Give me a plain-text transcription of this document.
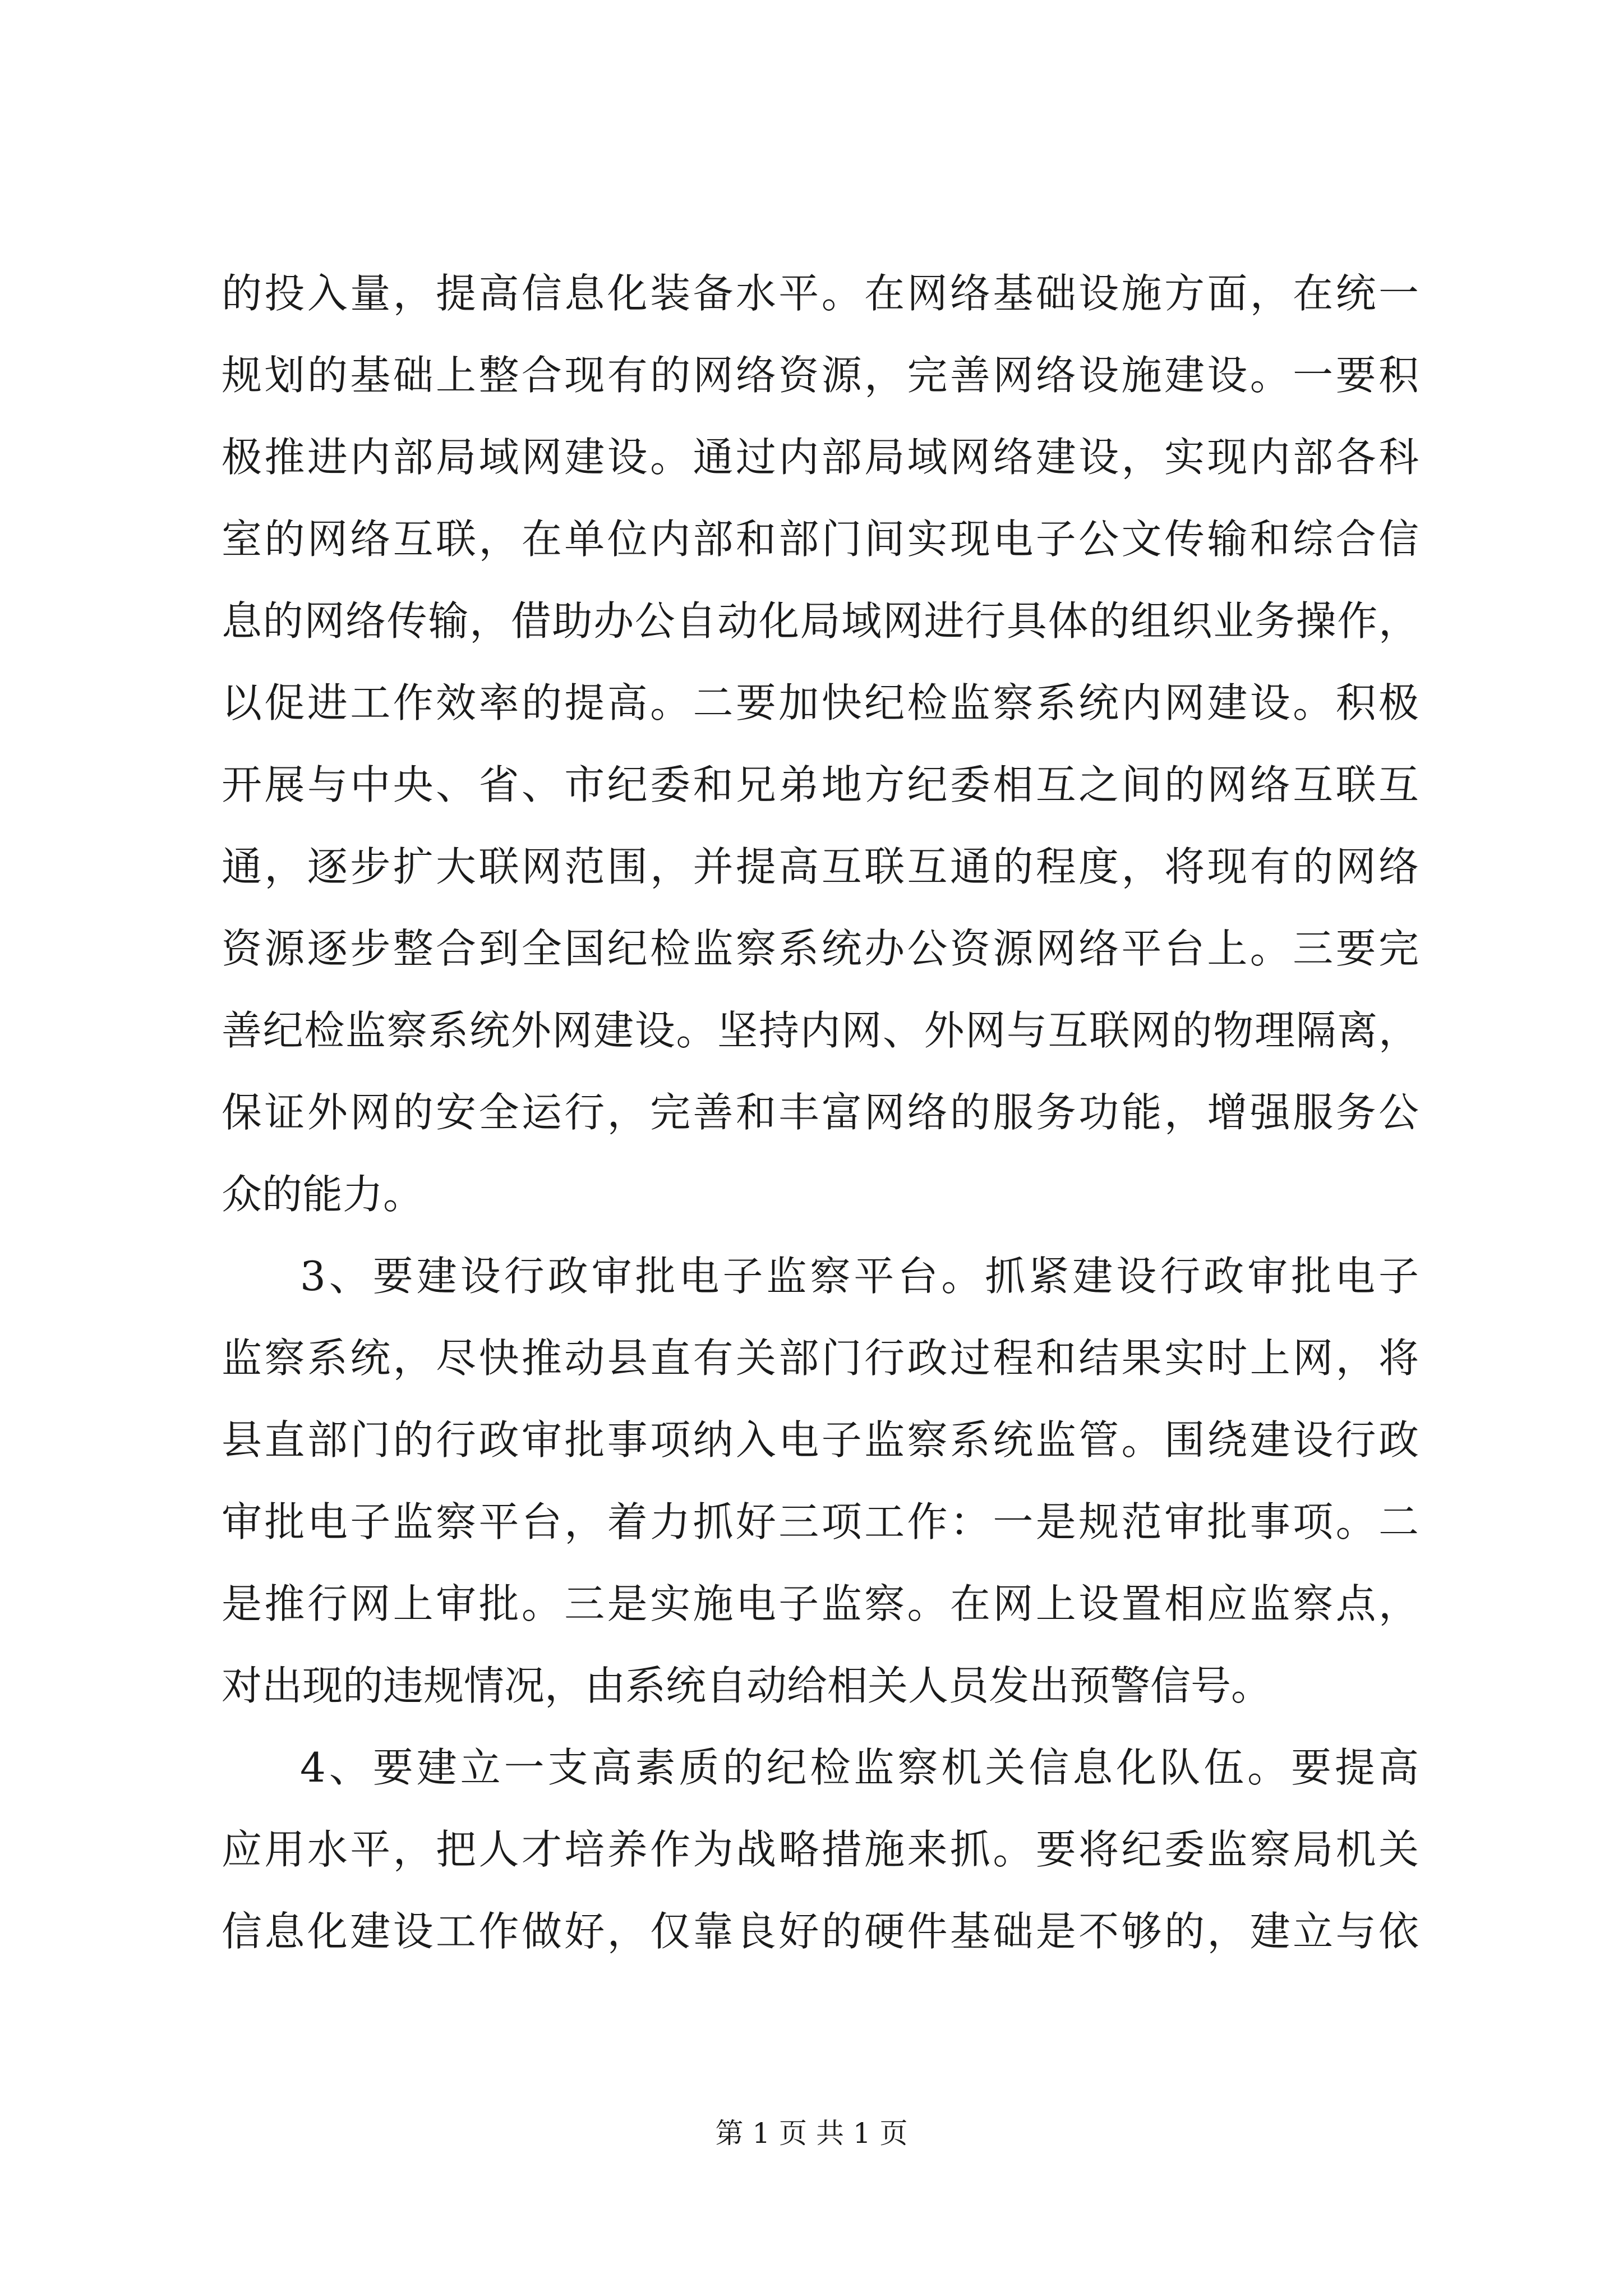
的投入量，提高信息化装备水平。在网络基础设施方面，在统一
规划的基础上整合现有的网络资源，完善网络设施建设。一要积
极推进内部局域网建设。通过内部局域网络建设，实现内部各科
室的网络互联，在单位内部和部门间实现电子公文传输和综合信
息的网络传输，借助办公自动化局域网进行具体的组织业务操作，
以促进工作效率的提高。二要加快纪检监察系统内网建设。积极
开展与中央、省、市纪委和兄弟地方纪委相互之间的网络互联互
通，逐步扩大联网范围，并提高互联互通的程度，将现有的网络
资源逐步整合到全国纪检监察系统办公资源网络平台上。三要完
善纪检监察系统外网建设。坚持内网、外网与互联网的物理隔离，
保证外网的安全运行，完善和丰富网络的服务功能，增强服务公
众的能力。
3、要建设行政审批电子监察平台。抓紧建设行政审批电子
监察系统，尽快推动县直有关部门行政过程和结果实时上网，将
县直部门的行政审批事项纳入电子监察系统监管。围绕建设行政
审批电子监察平台，着力抓好三项工作：一是规范审批事项。二
是推行网上审批。三是实施电子监察。在网上设置相应监察点，
对出现的违规情况，由系统自动给相关人员发出预警信号。
4、要建立一支高素质的纪检监察机关信息化队伍。要提高
应用水平，把人才培养作为战略措施来抓。要将纪委监察局机关
信息化建设工作做好，仅靠良好的硬件基础是不够的，建立与依
第 1 页 共 1 页
